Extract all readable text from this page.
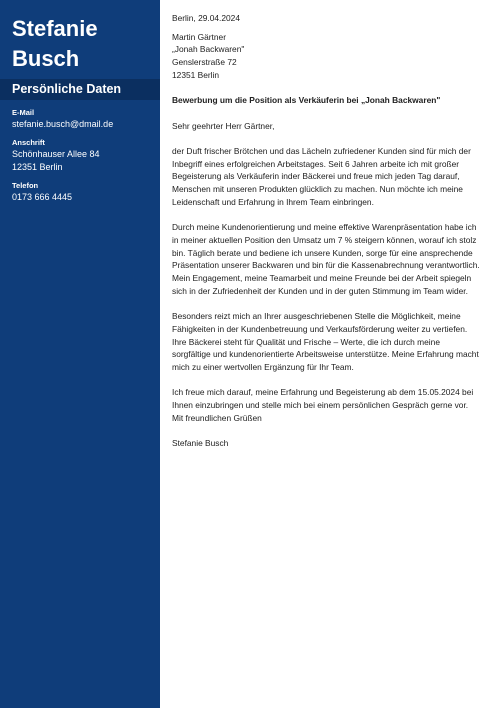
Stefanie
Busch
Persönliche Daten
E-Mail
stefanie.busch@dmail.de
Anschrift
Schönhauser Allee 84
12351 Berlin
Telefon
0173 666 4445

Berlin, 29.04.2024

Martin Gärtner
„Jonah Backwaren"
Genslerstraße 72
12351 Berlin

Bewerbung um die Position als Verkäuferin bei „Jonah Backwaren"

Sehr geehrter Herr Gärtner,

der Duft frischer Brötchen und das Lächeln zufriedener Kunden sind für mich der
Inbegriff eines erfolgreichen Arbeitstages. Seit 6 Jahren arbeite ich mit großer
Begeisterung als Verkäuferin inder Bäckerei und freue mich jeden Tag darauf,
Menschen mit unseren Produkten glücklich zu machen. Nun möchte ich meine
Leidenschaft und Erfahrung in Ihrem Team einbringen.

Durch meine Kundenorientierung und meine effektive Warenpräsentation habe ich
in meiner aktuellen Position den Umsatz um 7 % steigern können, worauf ich stolz
bin. Täglich berate und bediene ich unsere Kunden, sorge für eine ansprechende
Präsentation unserer Backwaren und bin für die Kassenabrechnung verantwortlich.
Mein Engagement, meine Teamarbeit und meine Freunde bei der Arbeit spiegeln
sich in der Zufriedenheit der Kunden und in der guten Stimmung im Team wider.

Besonders reizt mich an Ihrer ausgeschriebenen Stelle die Möglichkeit, meine
Fähigkeiten in der Kundenbetreuung und Verkaufsförderung weiter zu vertiefen.
Ihre Bäckerei steht für Qualität und Frische – Werte, die ich durch meine
sorgfältige und kundenorientierte Arbeitsweise unterstütze. Meine Erfahrung macht
mich zu einer wertvollen Ergänzung für Ihr Team.

Ich freue mich darauf, meine Erfahrung und Begeisterung ab dem 15.05.2024 bei
Ihnen einzubringen und stelle mich bei einem persönlichen Gespräch gerne vor.

Mit freundlichen Grüßen

Stefanie Busch
